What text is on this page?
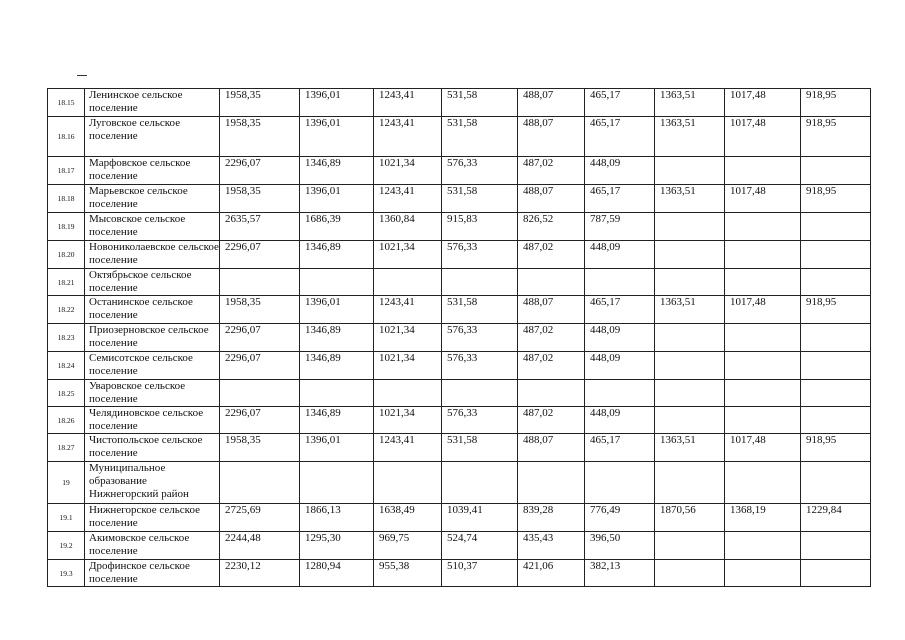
18.15	Ленинское сельское поселение	1958,35	1396,01	1243,41	531,58	488,07	465,17	1363,51	1017,48	918,95
18.16	Луговское сельское поселение	1958,35	1396,01	1243,41	531,58	488,07	465,17	1363,51	1017,48	918,95
18.17	Марфовское сельское поселение	2296,07	1346,89	1021,34	576,33	487,02	448,09			
18.18	Марьевское сельское поселение	1958,35	1396,01	1243,41	531,58	488,07	465,17	1363,51	1017,48	918,95
18.19	Мысовское сельское поселение	2635,57	1686,39	1360,84	915,83	826,52	787,59			
18.20	Новониколаевское сельское поселение	2296,07	1346,89	1021,34	576,33	487,02	448,09			
18.21	Октябрьское сельское поселение									
18.22	Останинское сельское поселение	1958,35	1396,01	1243,41	531,58	488,07	465,17	1363,51	1017,48	918,95
18.23	Приозерновское сельское поселение	2296,07	1346,89	1021,34	576,33	487,02	448,09			
18.24	Семисотское сельское поселение	2296,07	1346,89	1021,34	576,33	487,02	448,09			
18.25	Уваровское сельское поселение									
18.26	Челядиновское сельское поселение	2296,07	1346,89	1021,34	576,33	487,02	448,09			
18.27	Чистопольское сельское поселение	1958,35	1396,01	1243,41	531,58	488,07	465,17	1363,51	1017,48	918,95
19	Муниципальное образование Нижнегорский район									
19.1	Нижнегорское сельское поселение	2725,69	1866,13	1638,49	1039,41	839,28	776,49	1870,56	1368,19	1229,84
19.2	Акимовское сельское поселение	2244,48	1295,30	969,75	524,74	435,43	396,50			
19.3	Дрофинское сельское поселение	2230,12	1280,94	955,38	510,37	421,06	382,13			
